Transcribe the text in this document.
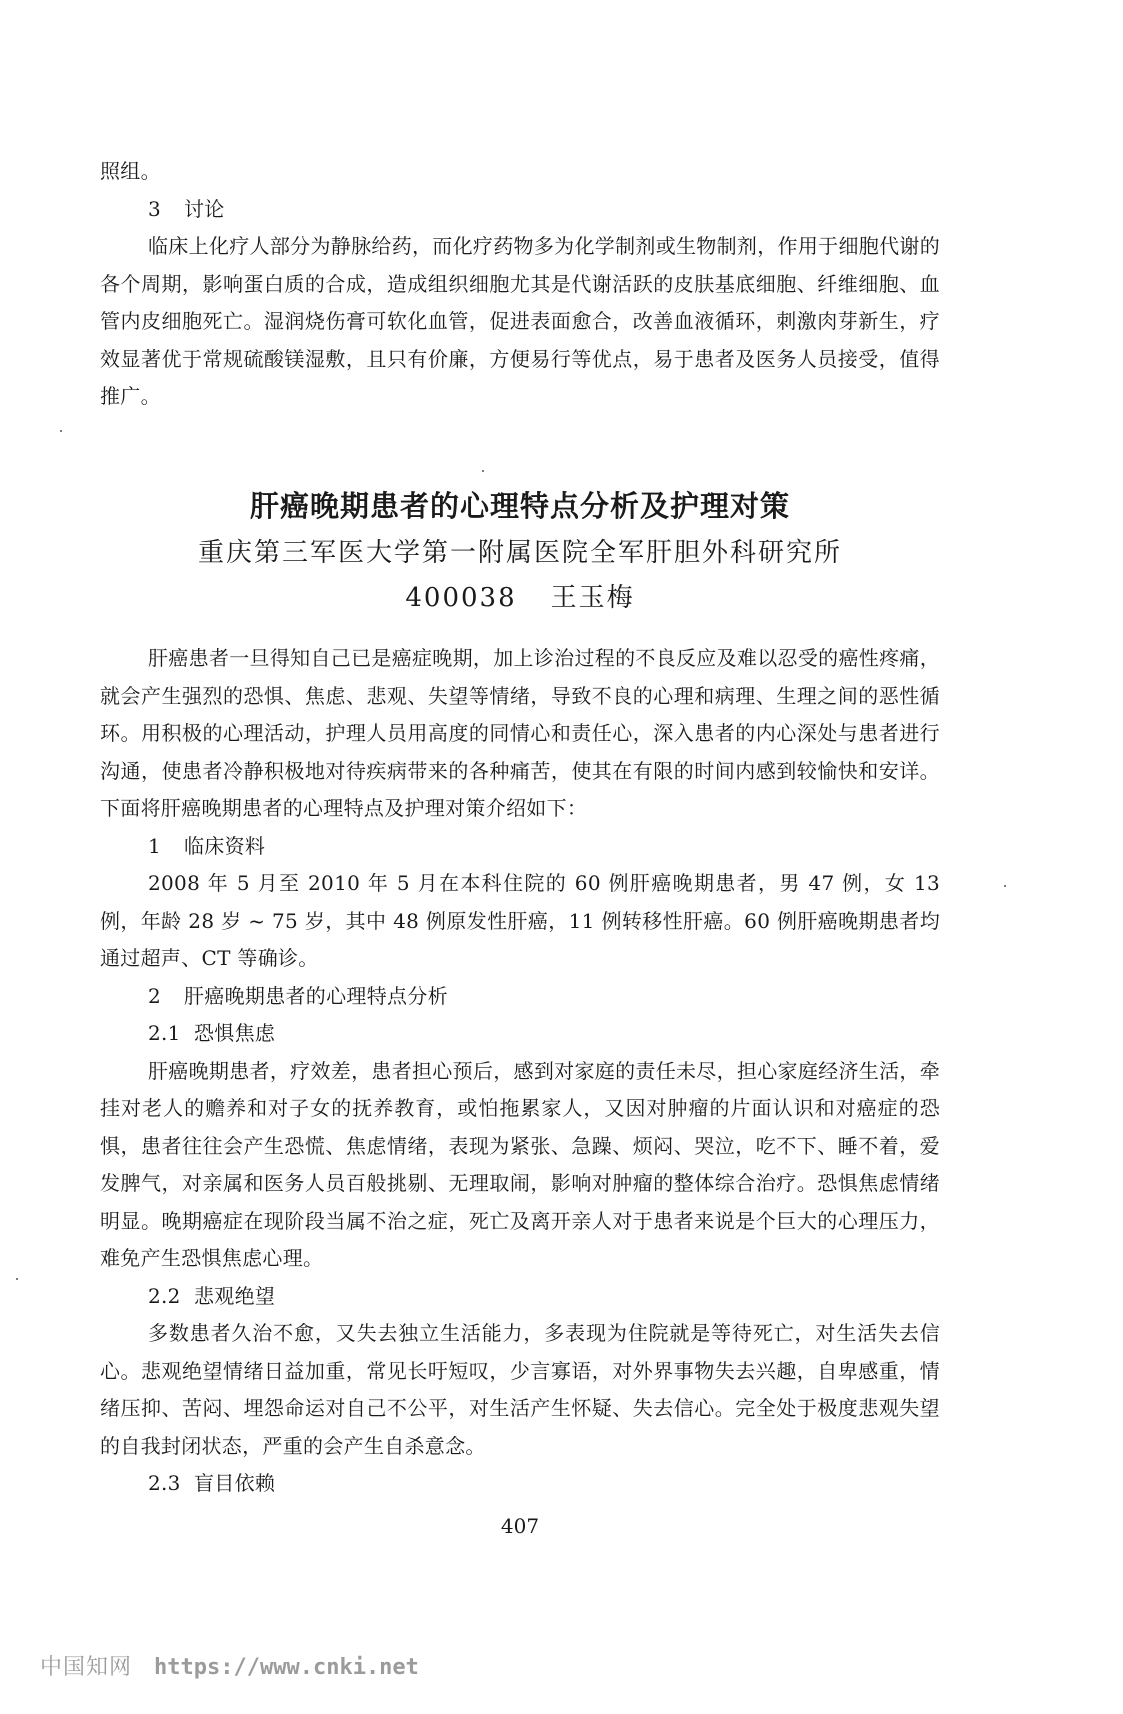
照组。

3 讨论

临床上化疗人部分为静脉给药，而化疗药物多为化学制剂或生物制剂，作用于细胞代谢的各个周期，影响蛋白质的合成，造成组织细胞尤其是代谢活跃的皮肤基底细胞、纤维细胞、血管内皮细胞死亡。湿润烧伤膏可软化血管，促进表面愈合，改善血液循环，刺激肉芽新生，疗效显著优于常规硫酸镁湿敷，且只有价廉，方便易行等优点，易于患者及医务人员接受，值得推广。

肝癌晚期患者的心理特点分析及护理对策

重庆第三军医大学第一附属医院全军肝胆外科研究所

400038 王玉梅

肝癌患者一旦得知自己已是癌症晚期，加上诊治过程的不良反应及难以忍受的癌性疼痛，就会产生强烈的恐惧、焦虑、悲观、失望等情绪，导致不良的心理和病理、生理之间的恶性循环。用积极的心理活动，护理人员用高度的同情心和责任心，深入患者的内心深处与患者进行沟通，使患者冷静积极地对待疾病带来的各种痛苦，使其在有限的时间内感到较愉快和安详。下面将肝癌晚期患者的心理特点及护理对策介绍如下：

1 临床资料

2008 年 5 月至 2010 年 5 月在本科住院的 60 例肝癌晚期患者，男 47 例，女 13 例，年龄 28 岁 ~ 75 岁，其中 48 例原发性肝癌，11 例转移性肝癌。60 例肝癌晚期患者均通过超声、CT 等确诊。

2 肝癌晚期患者的心理特点分析

2.1 恐惧焦虑

肝癌晚期患者，疗效差，患者担心预后，感到对家庭的责任未尽，担心家庭经济生活，牵挂对老人的赡养和对子女的抚养教育，或怕拖累家人，又因对肿瘤的片面认识和对癌症的恐惧，患者往往会产生恐慌、焦虑情绪，表现为紧张、急躁、烦闷、哭泣，吃不下、睡不着，爱发脾气，对亲属和医务人员百般挑剔、无理取闹，影响对肿瘤的整体综合治疗。恐惧焦虑情绪明显。晚期癌症在现阶段当属不治之症，死亡及离开亲人对于患者来说是个巨大的心理压力，难免产生恐惧焦虑心理。

2.2 悲观绝望

多数患者久治不愈，又失去独立生活能力，多表现为住院就是等待死亡，对生活失去信心。悲观绝望情绪日益加重，常见长吁短叹，少言寡语，对外界事物失去兴趣，自卑感重，情绪压抑、苦闷、埋怨命运对自己不公平，对生活产生怀疑、失去信心。完全处于极度悲观失望的自我封闭状态，严重的会产生自杀意念。

2.3 盲目依赖

407
中国知网 https://www.cnki.net
